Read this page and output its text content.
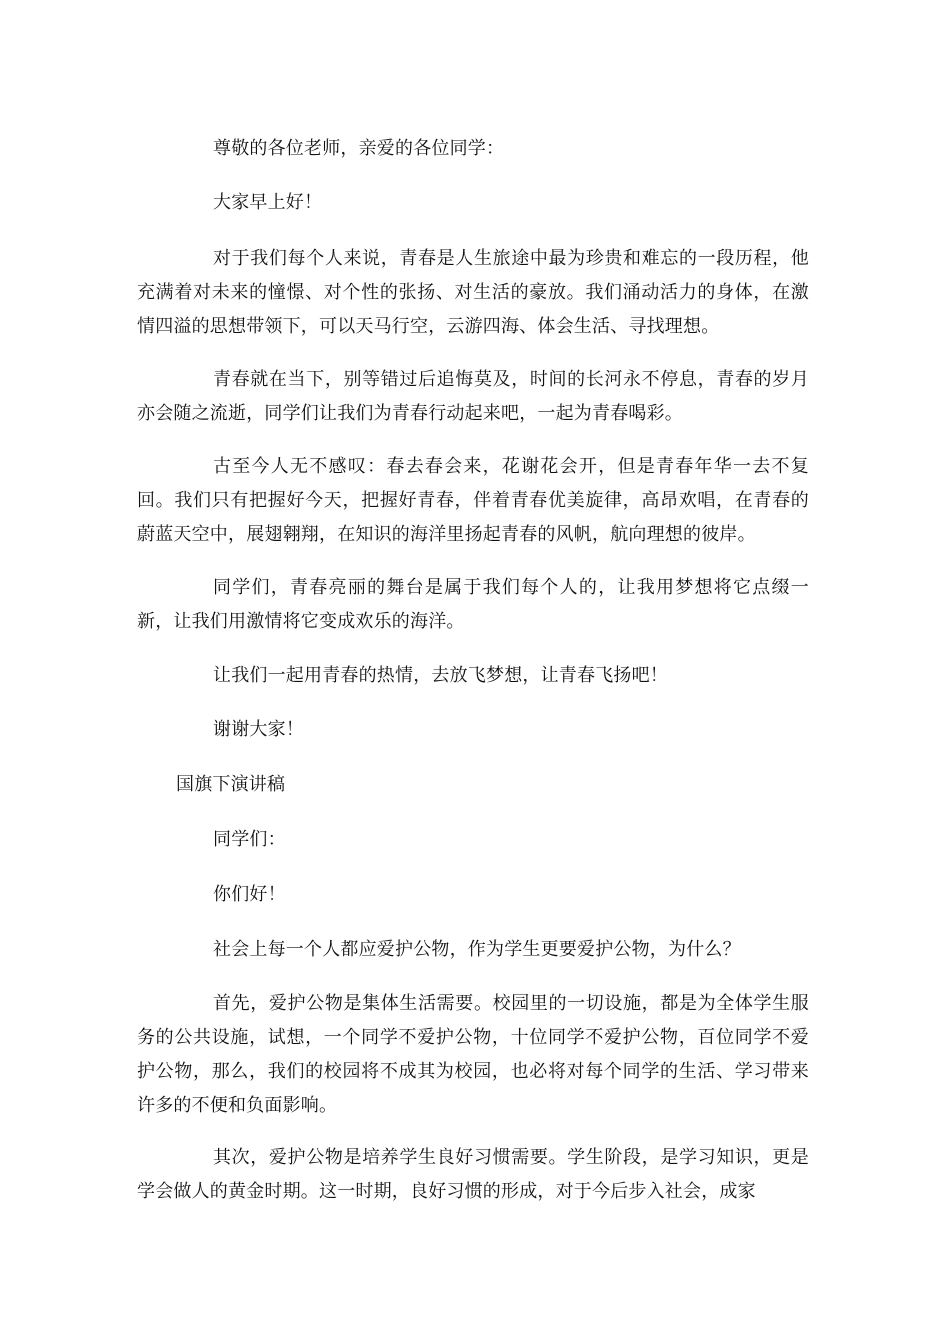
尊敬的各位老师，亲爱的各位同学：

大家早上好！

对于我们每个人来说，青春是人生旅途中最为珍贵和难忘的一段历程，他充满着对未来的憧憬、对个性的张扬、对生活的豪放。我们涌动活力的身体，在激情四溢的思想带领下，可以天马行空，云游四海、体会生活、寻找理想。

青春就在当下，别等错过后追悔莫及，时间的长河永不停息，青春的岁月亦会随之流逝，同学们让我们为青春行动起来吧，一起为青春喝彩。

古至今人无不感叹：春去春会来，花谢花会开，但是青春年华一去不复回。我们只有把握好今天，把握好青春，伴着青春优美旋律，高昂欢唱，在青春的蔚蓝天空中，展翅翱翔，在知识的海洋里扬起青春的风帆，航向理想的彼岸。

同学们，青春亮丽的舞台是属于我们每个人的，让我用梦想将它点缀一新，让我们用激情将它变成欢乐的海洋。

让我们一起用青春的热情，去放飞梦想，让青春飞扬吧！

谢谢大家！

国旗下演讲稿

同学们：

你们好！

社会上每一个人都应爱护公物，作为学生更要爱护公物，为什么？

首先，爱护公物是集体生活需要。校园里的一切设施，都是为全体学生服务的公共设施，试想，一个同学不爱护公物，十位同学不爱护公物，百位同学不爱护公物，那么，我们的校园将不成其为校园，也必将对每个同学的生活、学习带来许多的不便和负面影响。

其次，爱护公物是培养学生良好习惯需要。学生阶段，是学习知识，更是学会做人的黄金时期。这一时期，良好习惯的形成，对于今后步入社会，成家
